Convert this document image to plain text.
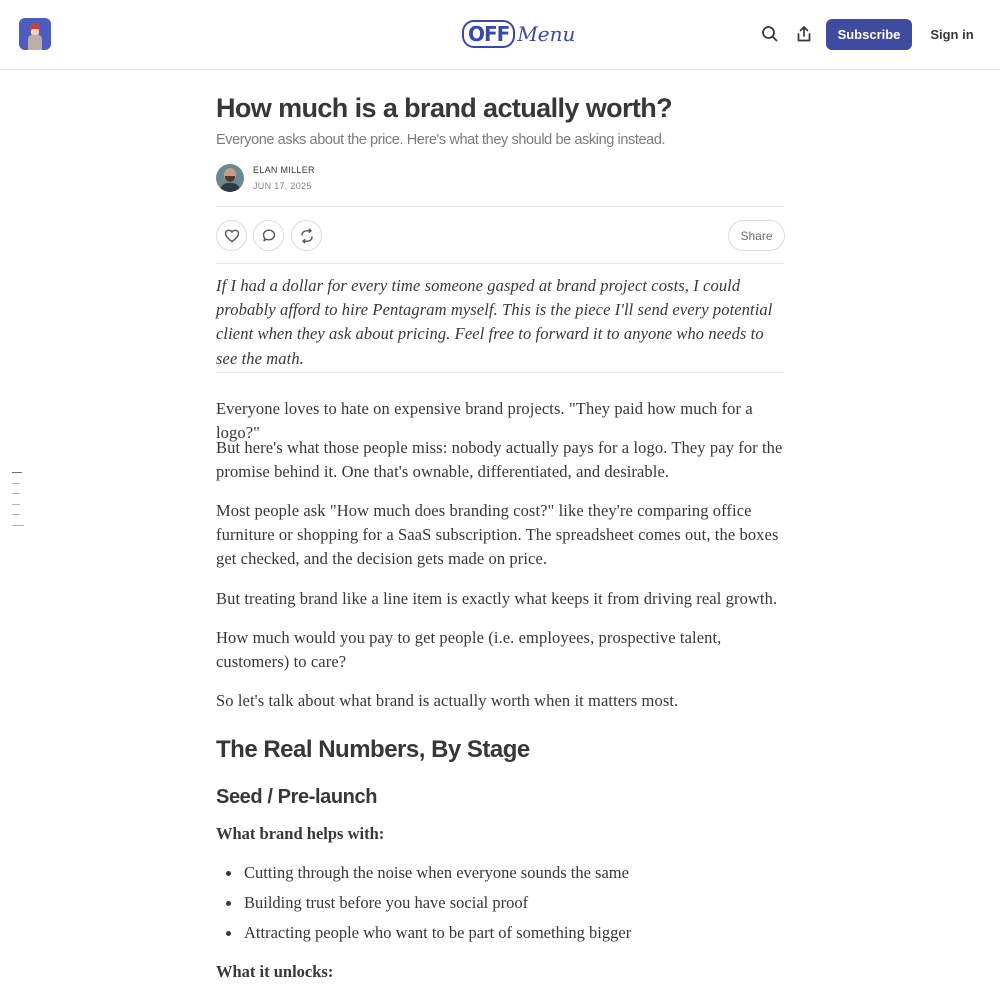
OFF Menu	Subscribe	Sign in
How much is a brand actually worth?
Everyone asks about the price. Here's what they should be asking instead.
ELAN MILLER
JUN 17, 2025
Share

If I had a dollar for every time someone gasped at brand project costs, I could probably afford to hire Pentagram myself. This is the piece I'll send every potential client when they ask about pricing. Feel free to forward it to anyone who needs to see the math.

Everyone loves to hate on expensive brand projects. "They paid how much for a logo?"

But here's what those people miss: nobody actually pays for a logo. They pay for the promise behind it. One that's ownable, differentiated, and desirable.

Most people ask "How much does branding cost?" like they're comparing office furniture or shopping for a SaaS subscription. The spreadsheet comes out, the boxes get checked, and the decision gets made on price.

But treating brand like a line item is exactly what keeps it from driving real growth.

How much would you pay to get people (i.e. employees, prospective talent, customers) to care?

So let's talk about what brand is actually worth when it matters most.

The Real Numbers, By Stage
Seed / Pre-launch
What brand helps with:
Cutting through the noise when everyone sounds the same
Building trust before you have social proof
Attracting people who want to be part of something bigger
What it unlocks:
